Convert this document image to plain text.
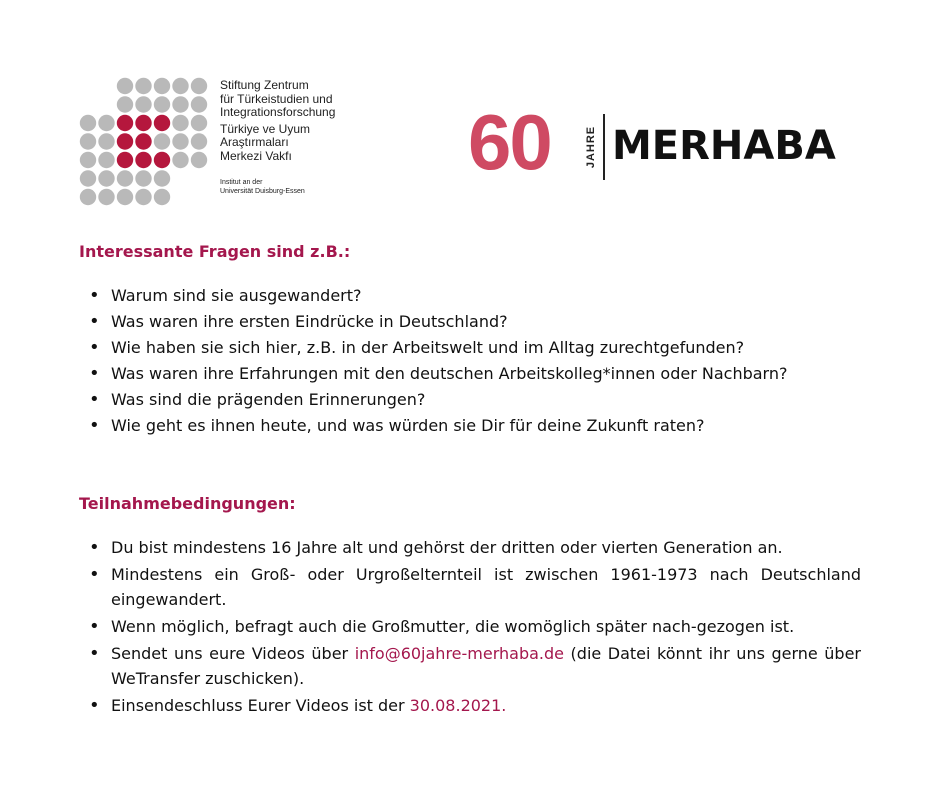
Stiftung Zentrum
für Türkeistudien und
Integrationsforschung
Türkiye ve Uyum
Araştırmaları
Merkezi Vakfı
Institut an der
Universität Duisburg-Essen
60	JAHRE MERHABA
Interessante Fragen sind z.B.:
• Warum sind sie ausgewandert?
• Was waren ihre ersten Eindrücke in Deutschland?
• Wie haben sie sich hier, z.B. in der Arbeitswelt und im Alltag zurechtgefunden?
• Was waren ihre Erfahrungen mit den deutschen Arbeitskolleg*innen oder Nachbarn?
• Was sind die prägenden Erinnerungen?
• Wie geht es ihnen heute, und was würden sie Dir für deine Zukunft raten?
Teilnahmebedingungen:
• Du bist mindestens 16 Jahre alt und gehörst der dritten oder vierten Generation an.
• Mindestens ein Groß- oder Urgroßelternteil ist zwischen 1961-1973 nach Deutschland eingewandert.
• Wenn möglich, befragt auch die Großmutter, die womöglich später nach-gezogen ist.
• Sendet uns eure Videos über info@60jahre-merhaba.de (die Datei könnt ihr uns gerne über WeTransfer zuschicken).
• Einsendeschluss Eurer Videos ist der 30.08.2021.
